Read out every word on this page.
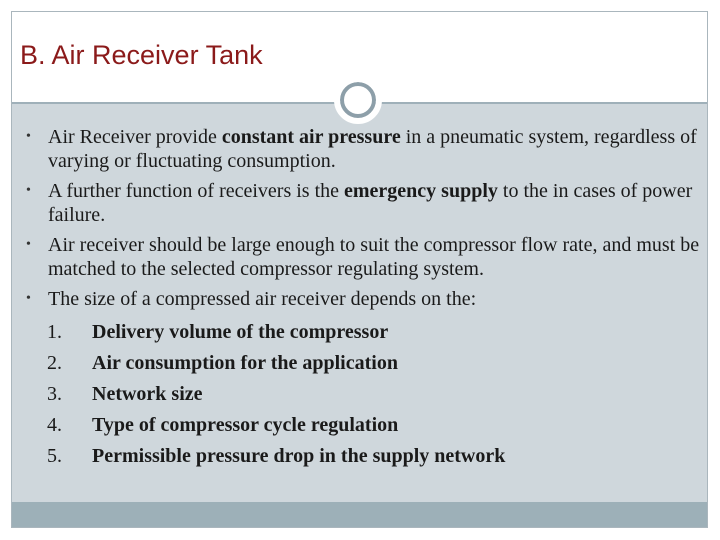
B. Air Receiver Tank
• Air Receiver provide constant air pressure in a pneumatic system, regardless of varying or fluctuating consumption.
• A further function of receivers is the emergency supply to the in cases of power failure.
• Air receiver should be large enough to suit the compressor flow rate, and must be matched to the selected compressor regulating system.
• The size of a compressed air receiver depends on the:
1. Delivery volume of the compressor
2. Air consumption for the application
3. Network size
4. Type of compressor cycle regulation
5. Permissible pressure drop in the supply network
